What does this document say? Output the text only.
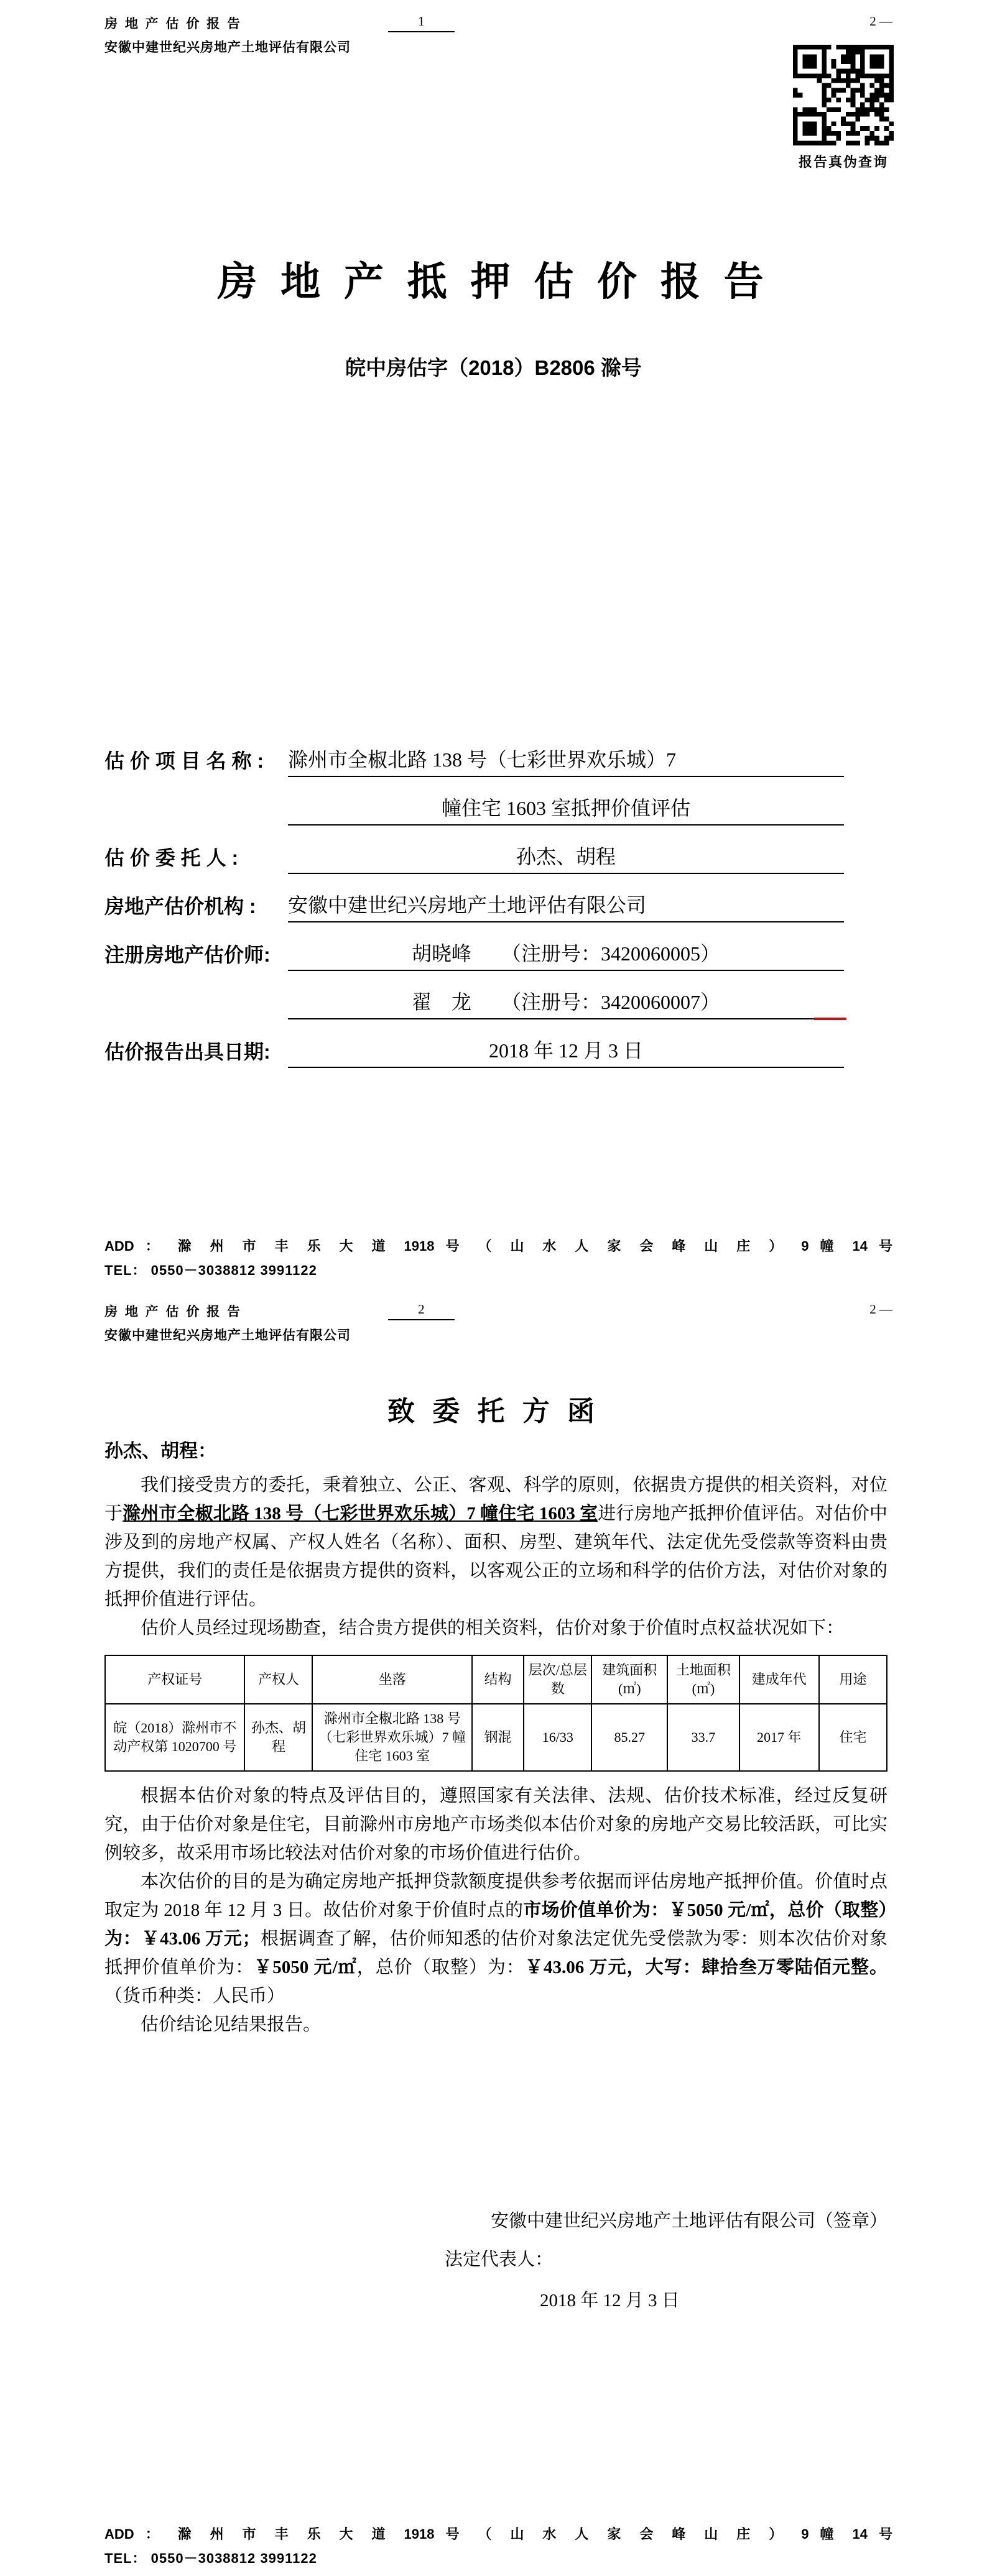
房 地 产 估 价 报 告	1	2 —
安徽中建世纪兴房地产土地评估有限公司
报告真伪查询
房 地 产 抵 押 估 价 报 告
皖中房估字（2018）B2806 滁号
估 价 项 目 名 称 :	滁州市全椒北路 138 号（七彩世界欢乐城）7
幢住宅 1603 室抵押价值评估
估 价 委 托 人 :	孙杰、胡程
房地产估价机构 :	安徽中建世纪兴房地产土地评估有限公司
注册房地产估价师:	胡晓峰　　（注册号：3420060005）
翟　龙　　（注册号：3420060007）
估价报告出具日期:	2018 年 12 月 3 日
ADD ： 滁 州 市 丰 乐 大 道 1918 号 （ 山 水 人 家 会 峰 山 庄 ） 9 幢 14 号
TEL： 0550－3038812 3991122
房 地 产 估 价 报 告	2	2 —
安徽中建世纪兴房地产土地评估有限公司
致 委 托 方 函
孙杰、胡程：

我们接受贵方的委托，秉着独立、公正、客观、科学的原则，依据贵方提供的相关资料，对位于滁州市全椒北路 138 号（七彩世界欢乐城）7 幢住宅 1603 室进行房地产抵押价值评估。对估价中涉及到的房地产权属、产权人姓名（名称）、面积、房型、建筑年代、法定优先受偿款等资料由贵方提供，我们的责任是依据贵方提供的资料，以客观公正的立场和科学的估价方法，对估价对象的抵押价值进行评估。

估价人员经过现场勘查，结合贵方提供的相关资料，估价对象于价值时点权益状况如下：

产权证号	产权人	坐落	结构	层次/总层数	建筑面积(㎡)	土地面积(㎡)	建成年代	用途
皖（2018）滁州市不动产权第 1020700 号	孙杰、胡程	滁州市全椒北路 138 号（七彩世界欢乐城）7 幢住宅 1603 室	钢混	16/33	85.27	33.7	2017 年	住宅

根据本估价对象的特点及评估目的，遵照国家有关法律、法规、估价技术标准，经过反复研究，由于估价对象是住宅，目前滁州市房地产市场类似本估价对象的房地产交易比较活跃，可比实例较多，故采用市场比较法对估价对象的市场价值进行估价。

本次估价的目的是为确定房地产抵押贷款额度提供参考依据而评估房地产抵押价值。价值时点取定为 2018 年 12 月 3 日。故估价对象于价值时点的市场价值单价为：￥5050 元/㎡，总价（取整）为：￥43.06 万元；根据调查了解，估价师知悉的估价对象法定优先受偿款为零：则本次估价对象抵押价值单价为：￥5050 元/㎡，总价（取整）为：￥43.06 万元，大写：肆拾叁万零陆佰元整。（货币种类：人民币）

估价结论见结果报告。

安徽中建世纪兴房地产土地评估有限公司（签章）
法定代表人：
2018 年 12 月 3 日
ADD ： 滁 州 市 丰 乐 大 道 1918 号 （ 山 水 人 家 会 峰 山 庄 ） 9 幢 14 号
TEL： 0550－3038812 3991122
